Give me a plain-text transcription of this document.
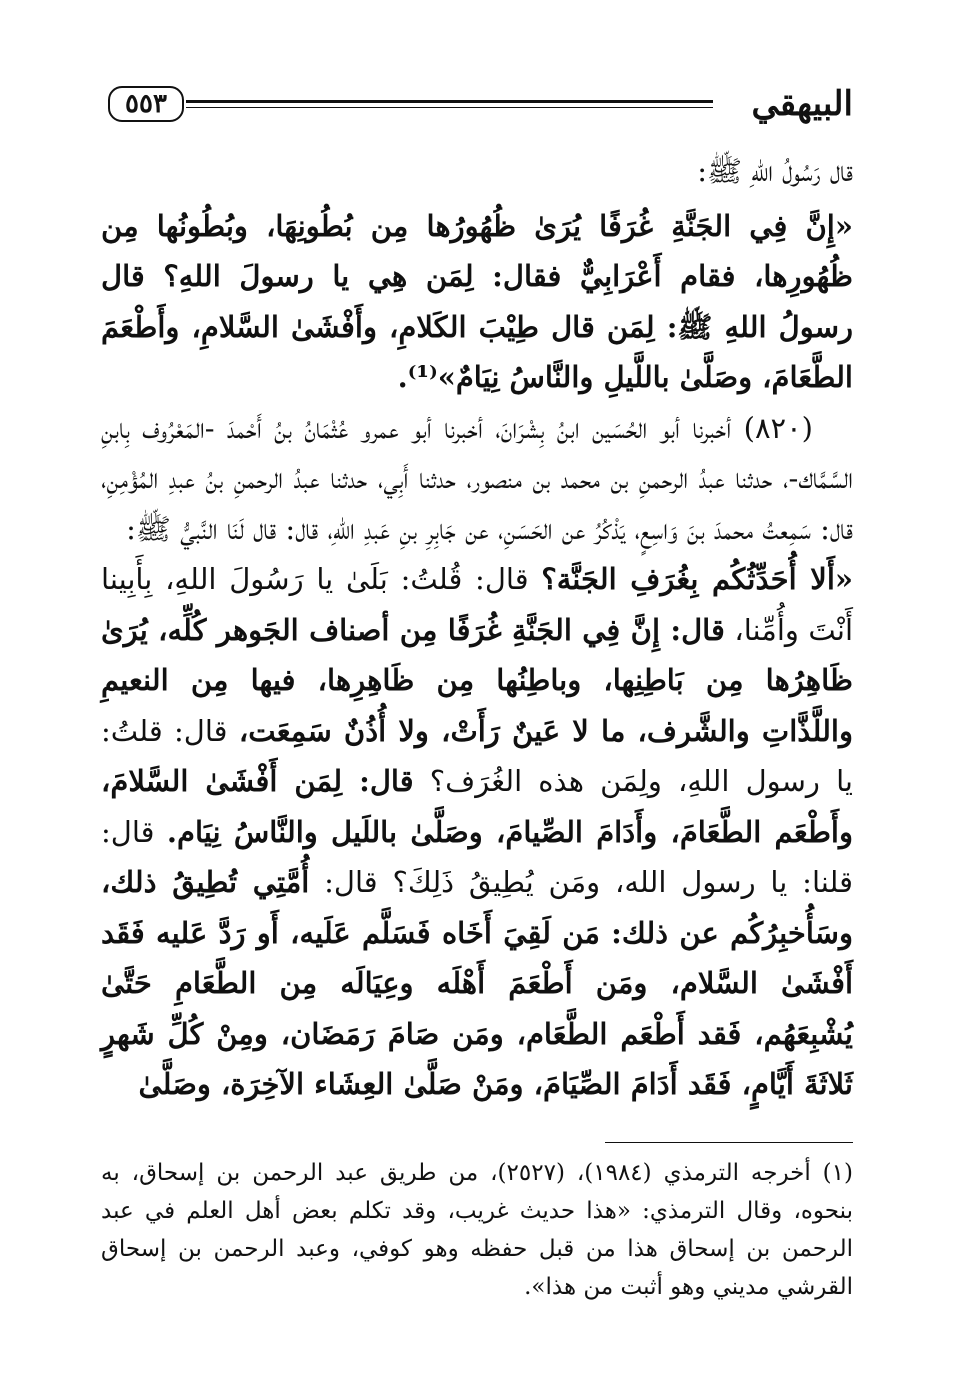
البيهقي
٥٥٣

قال رَسُولُ اللهِ ﷺ:

«إِنَّ فِي الجَنَّةِ غُرَفًا يُرَىٰ ظُهُورُها مِن بُطُونِهَا، وبُطُونُها مِن ظُهُورِها، فقام أَعْرَابِيٌّ فقال: لِمَن هِي يا رسولَ اللهِ؟ قال رسولُ اللهِ ﷺ: لِمَن قال طِيْبَ الكَلامِ، وأَفْشَىٰ السَّلامِ، وأَطْعَمَ الطَّعَامَ، وصَلَّىٰ باللَّيلِ والنَّاسُ نِيَامٌ»⁽¹⁾.

(٨٢٠) أخبرنا أبو الحُسَين ابنُ بِشْرَانَ، أخبرنا أبو عمرو عُثْمَانُ بنُ أَحْمدَ -المَعْرُوف بِابنِ السَّمَّاك-، حدثنا عبدُ الرحمنِ بن محمد بن منصور، حدثنا أَبِي، حدثنا عبدُ الرحمنِ بنُ عبدِ المُؤْمِنِ، قال: سَمِعتُ محمدَ بنَ وَاسِعٍ، يَذْكُرُ عن الحَسَنِ، عن جَابِرِ بنِ عَبدِ اللهِ، قال: قال لَنَا النَّبيُّ ﷺ:

«أَلا أُحَدِّثُكُم بِغُرَفِ الجَنَّة؟ قال: قُلتُ: بَلَىٰ يا رَسُولَ اللهِ، بِأَبِينا أَنْتَ وأُمِّنا، قال: إِنَّ فِي الجَنَّةِ غُرَفًا مِن أصناف الجَوهر كُلِّه، يُرَىٰ ظَاهِرُها مِن بَاطِنِها، وباطِنُها مِن ظَاهِرِها، فيها مِن النعيمِ واللَّذَّاتِ والشَّرف، ما لا عَينٌ رَأَتْ، ولا أُذُنٌ سَمِعَت، قال: قلتُ: يا رسول اللهِ، ولِمَن هذه الغُرَف؟ قال: لِمَن أَفْشَىٰ السَّلامَ، وأَطْعَم الطَّعَامَ، وأَدَامَ الصِّيامَ، وصَلَّىٰ باللَيل والنَّاسُ نِيَام. قال: قلنا: يا رسول الله، ومَن يُطِيقُ ذَلِكَ؟ قال: أُمَّتِي تُطِيقُ ذلك، وسَأُخبِرُكُم عن ذلك: مَن لَقِيَ أَخَاه فَسَلَّم عَلَيه، أَو رَدَّ عَليه فَقَد أَفْشَىٰ السَّلام، ومَن أَطْعَمَ أَهْلَه وعِيَالَه مِن الطَّعَامِ حَتَّىٰ يُشْبِعَهُم، فَقد أَطْعَم الطَّعَام، ومَن صَامَ رَمَضَان، ومِنْ كُلِّ شَهرٍ ثَلاثَةَ أَيَّامٍ، فَقَد أَدَامَ الصِّيَامَ، ومَنْ صَلَّىٰ العِشَاء الآخِرَة، وصَلَّىٰ

(١) أخرجه الترمذي (١٩٨٤)، (٢٥٢٧)، من طريق عبد الرحمن بن إسحاق، به بنحوه، وقال الترمذي: «هذا حديث غريب، وقد تكلم بعض أهل العلم في عبد الرحمن بن إسحاق هذا من قبل حفظه وهو كوفي، وعبد الرحمن بن إسحاق القرشي مديني وهو أثبت من هذا».
